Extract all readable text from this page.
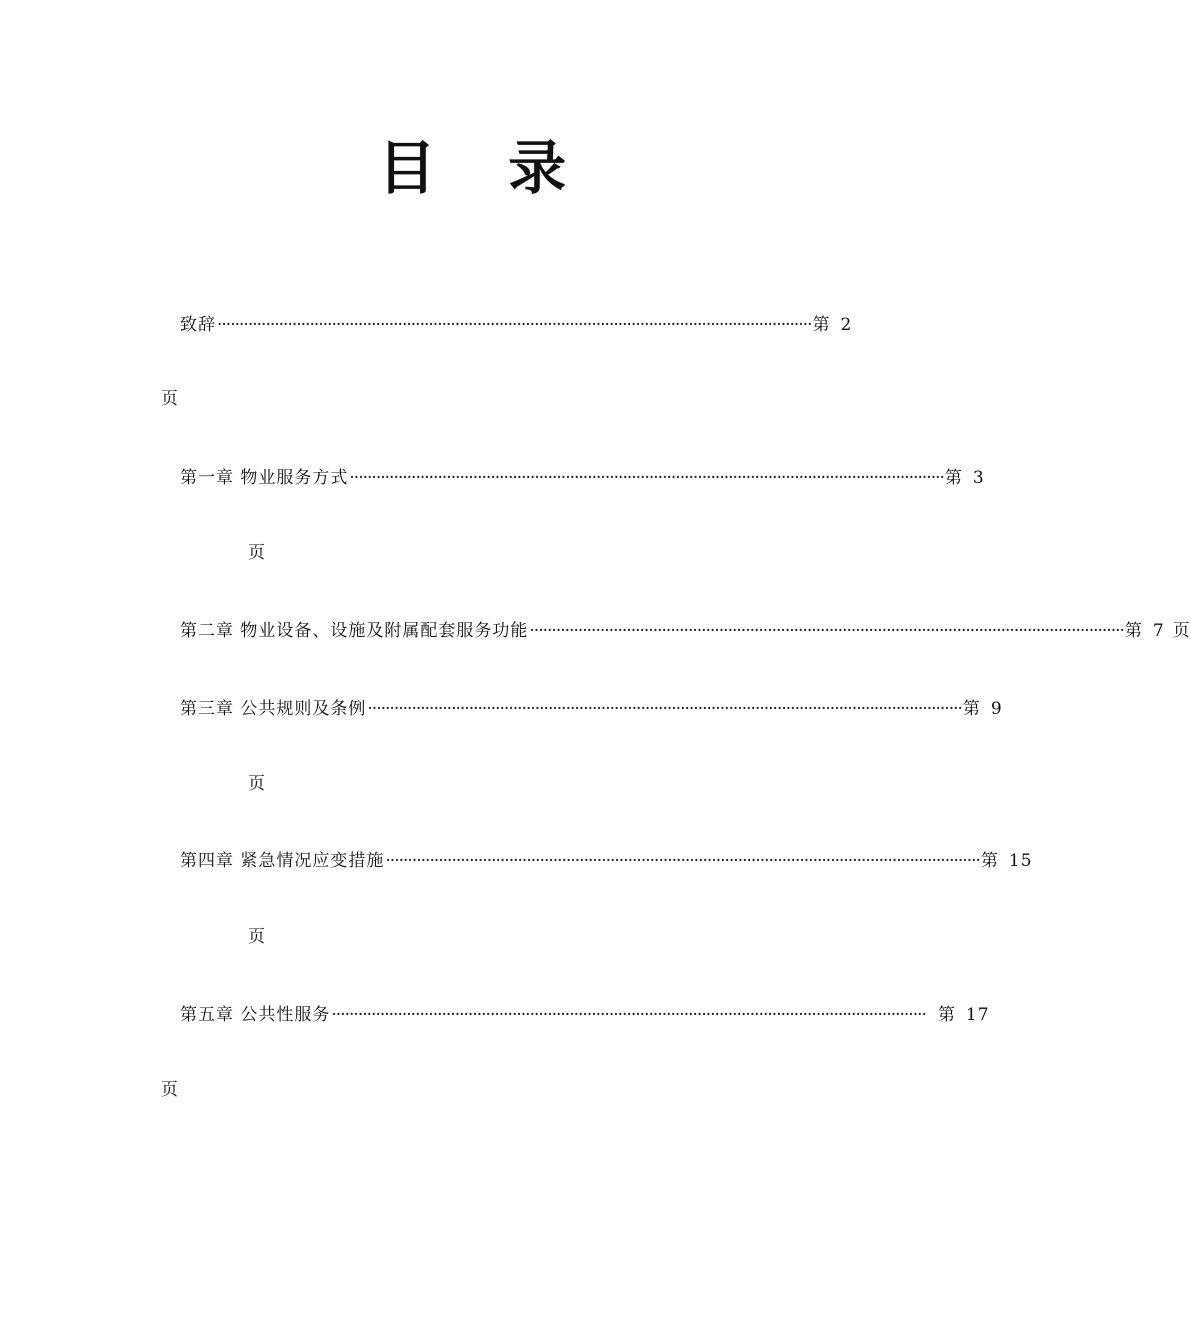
目 录
致辞 ······································································································································· 第 2
页
第一章 物业服务方式 ······································································································································· 第 3
页
第二章 物业设备、设施及附属配套服务功能 ······································································································································· 第 7 页
第三章 公共规则及条例 ······································································································································· 第 9
页
第四章 紧急情况应变措施 ······································································································································· 第 15
页
第五章 公共性服务 ······································································································································· 第 17
页
